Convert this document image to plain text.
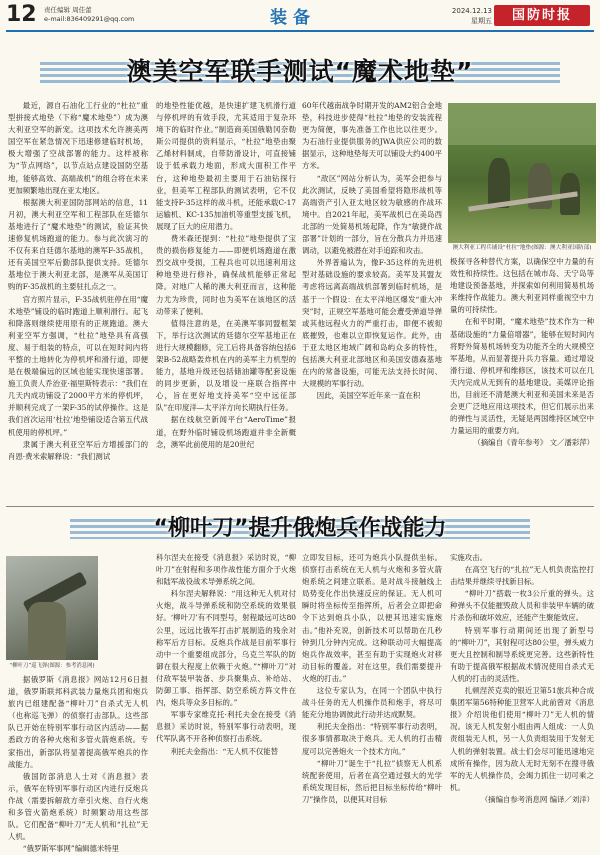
12 责任编辑 周佳蕾
e-mail:836409291@qq.com	装备	2024.12.13
星期五	国防时报
澳美空军联手测试“魔术地垫”

最近，源自石油化工行业的“杜拉”重型拼接式地垫（下称“魔术地垫”）成为澳大利亚空军的新宠。这项技术允许澳美两国空军在紧急情况下迅速修建临时机场，极大增强了空战部署的能力。这样被称为“节点网络”，以节点站点建设国防空基地，能够高效、高端战机”的组合将在未来更加频繁地出现在亚太地区。

根据澳大利亚国防部网站的信息，11月初，澳大利亚空军和工程部队在廷德尔基地进行了“魔术地垫”的测试，验证其快速修复机场跑道的能力。参与此次演习的不仅有来自廷德尔基地的澳军F-35战机，还有美国空军后勤部队提供支持。廷德尔基地位于澳大利亚北部，是澳军从美国订购的F-35战机的主要驻扎点之一。

官方照片显示，F-35战机驻停在用“魔术地垫”铺设的临时跑道上顺利滑行。起飞和降落则继续使用原有的正规跑道。澳大利亚空军方强调，“杜拉”地垫具有高强度、易于组装的特点，可以在短时间内将平整的土地转化为停机坪和滑行道，即便是在极端偏远的区域也能实现快速部署。施工负责人乔治亚·福里斯特表示：“我们在几天内成功铺设了2000平方米的停机坪，并顺利完成了一架F-35的试停操作。这是我们首次运用‘杜拉’地垫铺设适合第五代战机使用的停机坪。”

隶属于澳大利亚空军后方增援部门的肖恩·费米索解释说：“我们测试

的地垫性能优越，是快速扩建飞机滑行道与停机坪的有效手段，尤其适用于复杂环境下的临时作业。”制造商美国俄勒冈奈勒斯公司提供的资料显示，“杜拉”地垫由聚乙烯材料制成，自带防滑设计，可直接铺设于低承载力地面，形成大面积工作平台，这种地垫最初主要用于石油钻探行业，但美军工程部队的测试表明，它不仅能支持F-35这样的战斗机，还能承载C-17运输机、KC-135加油机等重型支援飞机，展现了巨大的应用潜力。

费米森还提到：“杜拉”地垫提供了宝贵的损伤修复能力——即便机场跑道在激烈交战中受损，工程兵也可以迅速利用这种地垫进行修补，确保战机能够正常起降。对地广人稀的澳大利亚而言，这种能力尤为珍贵，同时也为美军在该地区的活动带来了便利。

值得注意的是，在美澳军事同盟框架下，举行这次测试的廷德尔空军基地正在进行大规模翻修，完工后将具备容纳包括6架B-52战略轰炸机在内的美军主力机型的能力，基地升级还包括储油罐等配套设施的同步更新，以及增设一座联合指挥中心，旨在更好地支持美军“空中远征部队”在印度洋—太平洋方向长期执行任务。

据在线航空新闻平台“AeroTime”报道，在野外临时铺设机场跑道并非全新概念，澳军此前使用的是20世纪

60年代越南战争时期开发的AM2铝合金地垫，科技进步使得“杜拉”地垫的安装流程更为简便，事先准备工作也比以往更少。为石油行业提供服务的JWA供应公司的数据显示，这种地垫每天可以铺设大约400平方米。

“敌区”网站分析认为，美军会把参与此次测试，反映了美国希望将隐形战机等高端资产引入亚太地区较为敏感的作战环境中。自2021年起，美军战机已在美岛西北部的一处简易机场起降，作为“敏捷作战部署”计划的一部分，旨在分散兵力并迅速调动，以避免被潜在对手追踪和攻击。

外界普遍认为，像F-35这样的先进机型对基础设施的要求较高。美军及其盟友考虑将远离高端战机部署到临时机场，是基于一个假设：在太平洋地区爆发“重大冲突”时，正规空军基地可能会遭受弹道导弹或其他远程火力的严重打击，即便不被彻底摧毁，也难以立即恢复运作。此外，由于亚太地区地域广阔和岛屿众多的特性，包括澳大利亚北部地区和美国安德森基地在内的常备设施，可能无法支持长时间、大规模的军事行动。

因此，美国空军近年来一直在积

澳大利亚工程兵铺设“杜拉”地垫(图源：澳大利亚国防部)

极探寻各种替代方案，以确保空中力量的有效性和持续性。这包括在城市岛、天宁岛等地建设预备基地，并探索如何利用简易机场来维持作战能力。澳大利亚同样重视空中力量的可持续性。

在和平时期，“魔术地垫”技术作为一种基础设施的“力量倍增器”，能够在短时间内将野外简易机场转变为功能齐全的大规模空军基地，从而显著提升兵力容量。通过增设滑行道、停机坪和维修区，该技术可以在几天内完成从无到有的基地建设。美媒评论指出，目前还不清楚澳大利亚和美国未来是否会更广泛地应用这项技术，但它们展示出来的弹性与灵活性，无疑是两国维持区域空中力量运用的重要方向。

（摘编自《青年参考》 文／潘彩萍）

“柳叶刀”提升俄炮兵作战能力
“柳叶刀”巡飞弹(图源：参考消息网)

据俄罗斯《消息报》网站12月6日报道，俄罗斯联邦科武装力量炮兵团和炮兵旅内已组建配备“柳叶刀”自杀式无人机（也称巡飞弹）的侦察打击部队。这些部队已开始在特别军事行动区内活动——据悉政方的各种火炮和多管火箭炮系统。专家指出，新部队将显著提高俄军炮兵的作战能力。

俄国防部消息人士对《消息报》表示，俄军在特别军事行动区内进行反炮兵作战（需要拆解敌方牵引火炮、自行火炮和多管火箭炮系统）时频繁动用这些部队。它们配备“柳叶刀”无人机和“扎拉”无人机。

“俄罗斯军事网”编辑德米特里

科尔涅夫在接受《消息报》采访时说，“柳叶刀”在射程和多项作战性能方面介于火炮和陆军战役战术导弹系统之间。

科尔涅夫解释说：“用这种无人机对付火炮，战斗导弹系统和防空系统的效果很好。‘柳叶刀’有不同型号，射程最远可达80公里，远远比俄军打击扩展制造的残余对称军后方目标。反炮兵作战是目前军事行动中一个重要组成部分，乌克兰军队的防御在很大程度上依赖于火炮。”“柳叶刀”对付敌军装甲装备、步兵聚集点、补给站、防御工事、指挥部、防空系统方阵文件在内，炮兵等众多目标的。”

军事专家维克托·利托夫金在接受《消息报》采访时说，特别军事行动表明，现代军队离不开各种侦察打击系统。

利托夫金指出：“无人机不仅能替

立即发目标，还可为炮兵小队提供坐标。侦察打击系统在无人机与火炮和多管火箭炮系统之间建立联系。是对战斗接触线上局势变化作出快速反应的保证。无人机可瞬时将坐标传至指挥所，后者会立即把命令下达到炮兵小队，以便其迅速实施炮击。”他补充说，创新技术可以帮助在几秒钟到几分钟内完成。这种联动可大幅提高炮兵作战效率，甚至有助于实现炮火对移动目标的覆盖。对在这里，我们需要提升火炮的打击。”

这位专家认为，在同一个团队中执行战斗任务的无人机操作员和炮手，将尽可能充分地协调彼此行动并达成默契。

利托夫金指出：“特别军事行动表明，很多事情都取决于炮兵。无人机的打击精度可以完善炮火一个技术方向。”

“柳叶刀”诞生于“扎拉”侦察无人机系统配套使用，后者在高空通过强大的光学系统发现目标，然后把目标坐标传给“柳叶刀”操作员，以便其对目标

实施攻击。

在高空飞行的“扎拉”无人机负责监控打击结果并继续寻找新目标。

“柳叶刀”搭载一枚3公斤重的弹头。这种弹头不仅能摧毁敌人员和非装甲车辆的破片杀伤和破坏效应，还能产生聚能效应。

特别军事行动期间还出现了新型号的“柳叶刀”，其射程可达80公里，弹头威力更大且控制和制导系统更完善。这些新特性有助于提高俄军根据战术情况使用自杀式无人机的打击的灵活性。

扎顿涅茨克卖的银近卫第51旅兵种合成集团军第56特种能卫营军人此前曾对《消息报》介绍说他们使用“柳叶刀”无人机的情况。该无人机发射小组由两人组成：一人负责组装无人机，另一人负责组装用于发射无人机的弹射装置。战士们会尽可能迅速地完成所有操作，因为敌人无时无刻不在搜寻俄军的无人机操作员，会竭力抓住一切可乘之机。

（摘编自参考消息网 编译／刘洋）
